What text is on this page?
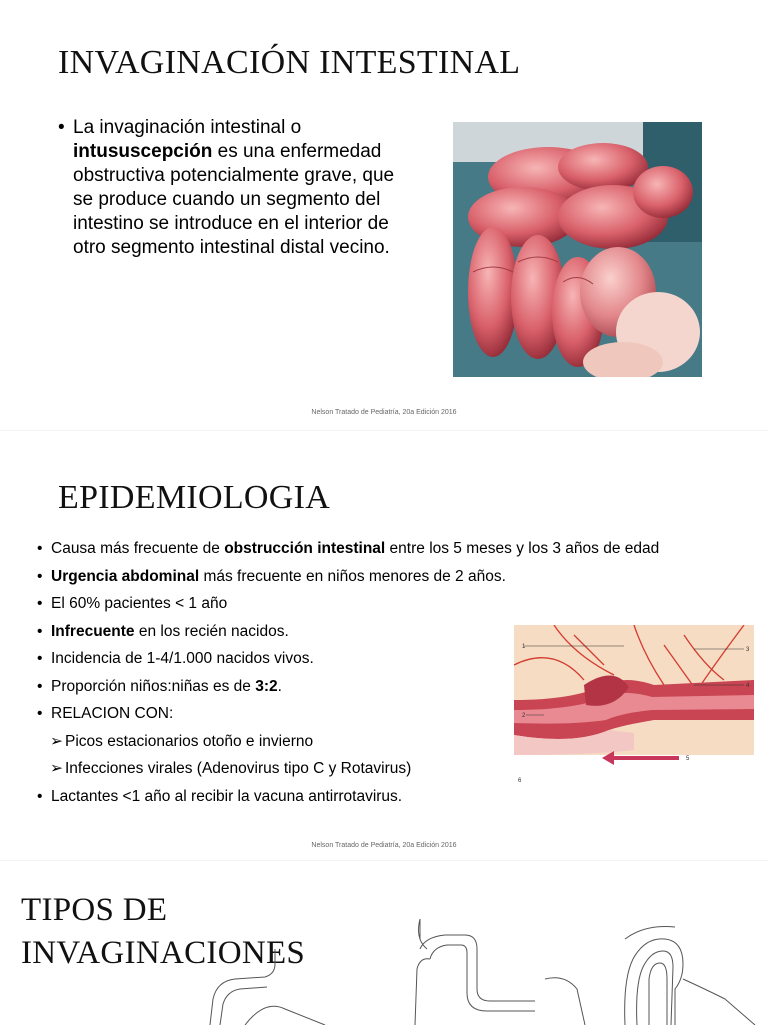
INVAGINACIÓN INTESTINAL
• La invaginación intestinal o intususcepción es una enfermedad obstructiva potencialmente grave, que se produce cuando un segmento del intestino se introduce en el interior de otro segmento intestinal distal vecino.
Nelson Tratado de Pediatría, 20a Edición 2016
EPIDEMIOLOGIA
• Causa más frecuente de obstrucción intestinal entre los 5 meses y los 3 años de edad
• Urgencia abdominal más frecuente en niños menores de 2 años.
• El 60% pacientes < 1 año
• Infrecuente en los recién nacidos.
• Incidencia de 1-4/1.000 nacidos vivos.
• Proporción niños:niñas es de 3:2.
• RELACION CON:
➢ Picos estacionarios otoño e invierno
➢ Infecciones virales (Adenovirus tipo C y Rotavirus)
• Lactantes <1 año al recibir la vacuna antirrotavirus.
1
2
3
4
5
6
Nelson Tratado de Pediatría, 20a Edición 2016
TIPOS DE
INVAGINACIONES
